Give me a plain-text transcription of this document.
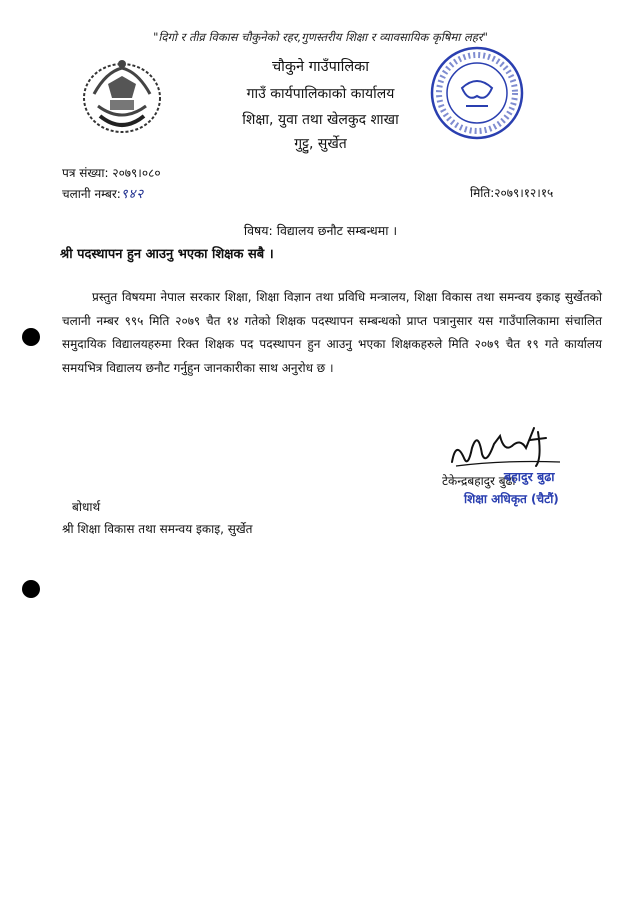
"दिगो र तीव्र विकास चौकुनेको रहर,गुणस्तरीय शिक्षा र व्यावसायिक कृषिमा लहर"
चौकुने गाउँपालिका
गाउँ कार्यपालिकाको कार्यालय
शिक्षा, युवा तथा खेलकुद शाखा
गुट्टु, सुर्खेत
पत्र संख्या: २०७९।०८०
चलानी नम्बर:९४२	मिति:२०७९।१२।१५
विषय: विद्यालय छनौट सम्बन्धमा ।
श्री पदस्थापन हुन आउनु भएका शिक्षक सबै ।
प्रस्तुत विषयमा नेपाल सरकार शिक्षा, शिक्षा विज्ञान तथा प्रविधि मन्त्रालय, शिक्षा विकास तथा समन्वय इकाइ सुर्खेतको चलानी नम्बर ९९५ मिति २०७९ चैत १४ गतेको शिक्षक पदस्थापन सम्बन्धको प्राप्त पत्रानुसार यस गाउँपालिकामा संचालित समुदायिक विद्यालयहरुमा रिक्त शिक्षक पद पदस्थापन हुन आउनु भएका शिक्षकहरुले मिति २०७९ चैत १९ गते कार्यालय समयभित्र विद्यालय छनौट गर्नुहुन जानकारीका साथ अनुरोध छ ।
टेकेन्द्रबहादुर बुढा
बहादुर बुढा
शिक्षा अधिकृत (चैटौं)
बोधार्थ
श्री शिक्षा विकास तथा समन्वय इकाइ, सुर्खेत
